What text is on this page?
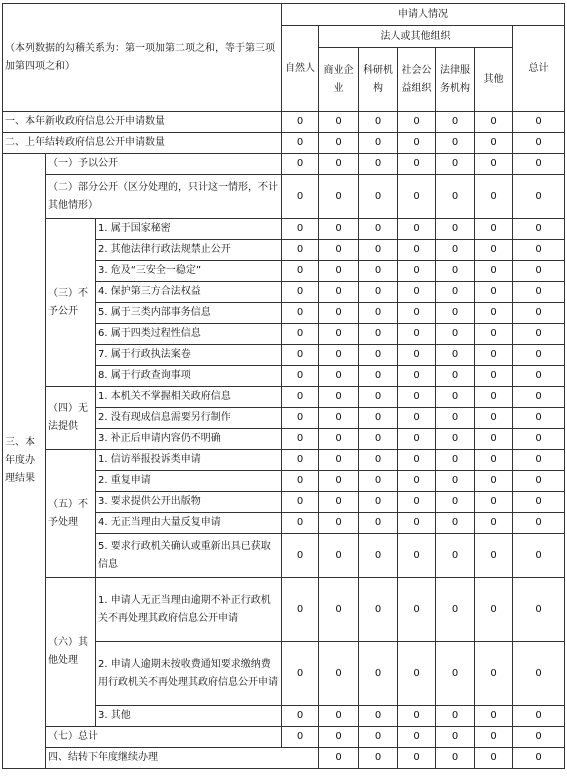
（本列数据的勾稽关系为：第一项加第二项之和，等于第三项加第四项之和）			申请人情况							
			自然人	法人或其他组织					总计	
				商业企业	科研机构	社会公益组织	法律服务机构	其他		
一、本年新收政府信息公开申请数量			0	0	0	0	0	0	0	
二、上年结转政府信息公开申请数量			0	0	0	0	0	0	0	
三、本年度办理结果	（一）予以公开		0	0	0	0	0	0	0	
	（二）部分公开（区分处理的，只计这一情形，不计其他情形）		0	0	0	0	0	0	0	
	（三）不予公开	1. 属于国家秘密	0	0	0	0	0	0	0	
		2. 其他法律行政法规禁止公开	0	0	0	0	0	0	0	
		3. 危及“三安全一稳定”	0	0	0	0	0	0	0	
		4. 保护第三方合法权益	0	0	0	0	0	0	0	
		5. 属于三类内部事务信息	0	0	0	0	0	0	0	
		6. 属于四类过程性信息	0	0	0	0	0	0	0	
		7. 属于行政执法案卷	0	0	0	0	0	0	0	
		8. 属于行政查询事项	0	0	0	0	0	0	0	
	（四）无法提供	1. 本机关不掌握相关政府信息	0	0	0	0	0	0	0	
		2. 没有现成信息需要另行制作	0	0	0	0	0	0	0	
		3. 补正后申请内容仍不明确	0	0	0	0	0	0	0	
	（五）不予处理	1. 信访举报投诉类申请	0	0	0	0	0	0	0	
		2. 重复申请	0	0	0	0	0	0	0	
		3. 要求提供公开出版物	0	0	0	0	0	0	0	
		4. 无正当理由大量反复申请	0	0	0	0	0	0	0	
		5. 要求行政机关确认或重新出具已获取信息	0	0	0	0	0	0	0	
	（六）其他处理	1. 申请人无正当理由逾期不补正行政机关不再处理其政府信息公开申请	0	0	0	0	0	0	0	
		2. 申请人逾期未按收费通知要求缴纳费用行政机关不再处理其政府信息公开申请	0	0	0	0	0	0	0	
		3. 其他	0	0	0	0	0	0	0	
	（七）总计		0	0	0	0	0	0	0	
	四、结转下年度继续办理			0	0	0	0	0	0	
